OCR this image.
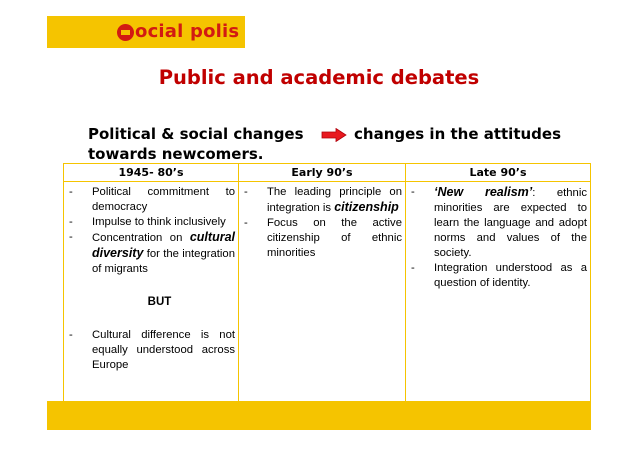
ocial polis
Public and academic debates
Political & social changes	changes in the attitudes
towards newcomers.
1945- 80’s
- Political commitment to democracy
- Impulse to think inclusively
- Concentration on cultural diversity for the integration of migrants
BUT
- Cultural difference is not equally understood across Europe
Early 90’s
- The leading principle on integration is citizenship
- Focus on the active citizenship of ethnic minorities
Late 90’s
- ‘New realism’: ethnic minorities are expected to learn the language and adopt norms and values of the society.
- Integration understood as a question of identity.
